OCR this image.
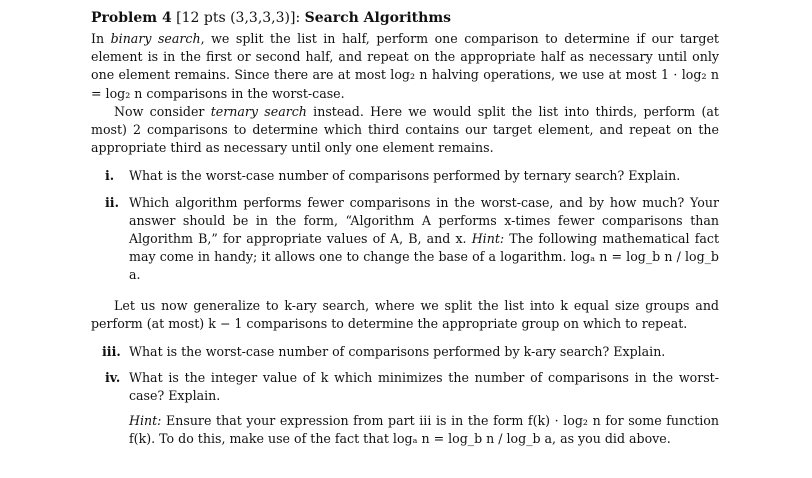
Problem 4 [12 pts (3,3,3,3)]: Search Algorithms

In binary search, we split the list in half, perform one comparison to determine if our target element is in the first or second half, and repeat on the appropriate half as necessary until only one element remains. Since there are at most log₂ n halving operations, we use at most 1 · log₂ n = log₂ n comparisons in the worst-case.

Now consider ternary search instead. Here we would split the list into thirds, perform (at most) 2 comparisons to determine which third contains our target element, and repeat on the appropriate third as necessary until only one element remains.

i. What is the worst-case number of comparisons performed by ternary search? Explain.
ii. Which algorithm performs fewer comparisons in the worst-case, and by how much? Your answer should be in the form, “Algorithm A performs x-times fewer comparisons than Algorithm B,” for appropriate values of A, B, and x. Hint: The following mathematical fact may come in handy; it allows one to change the base of a logarithm. logₐ n = log_b n / log_b a.

Let us now generalize to k-ary search, where we split the list into k equal size groups and perform (at most) k − 1 comparisons to determine the appropriate group on which to repeat.

iii. What is the worst-case number of comparisons performed by k-ary search? Explain.
iv. What is the integer value of k which minimizes the number of comparisons in the worst-case? Explain.
Hint: Ensure that your expression from part iii is in the form f(k) · log₂ n for some function f(k). To do this, make use of the fact that logₐ n = log_b n / log_b a, as you did above.
